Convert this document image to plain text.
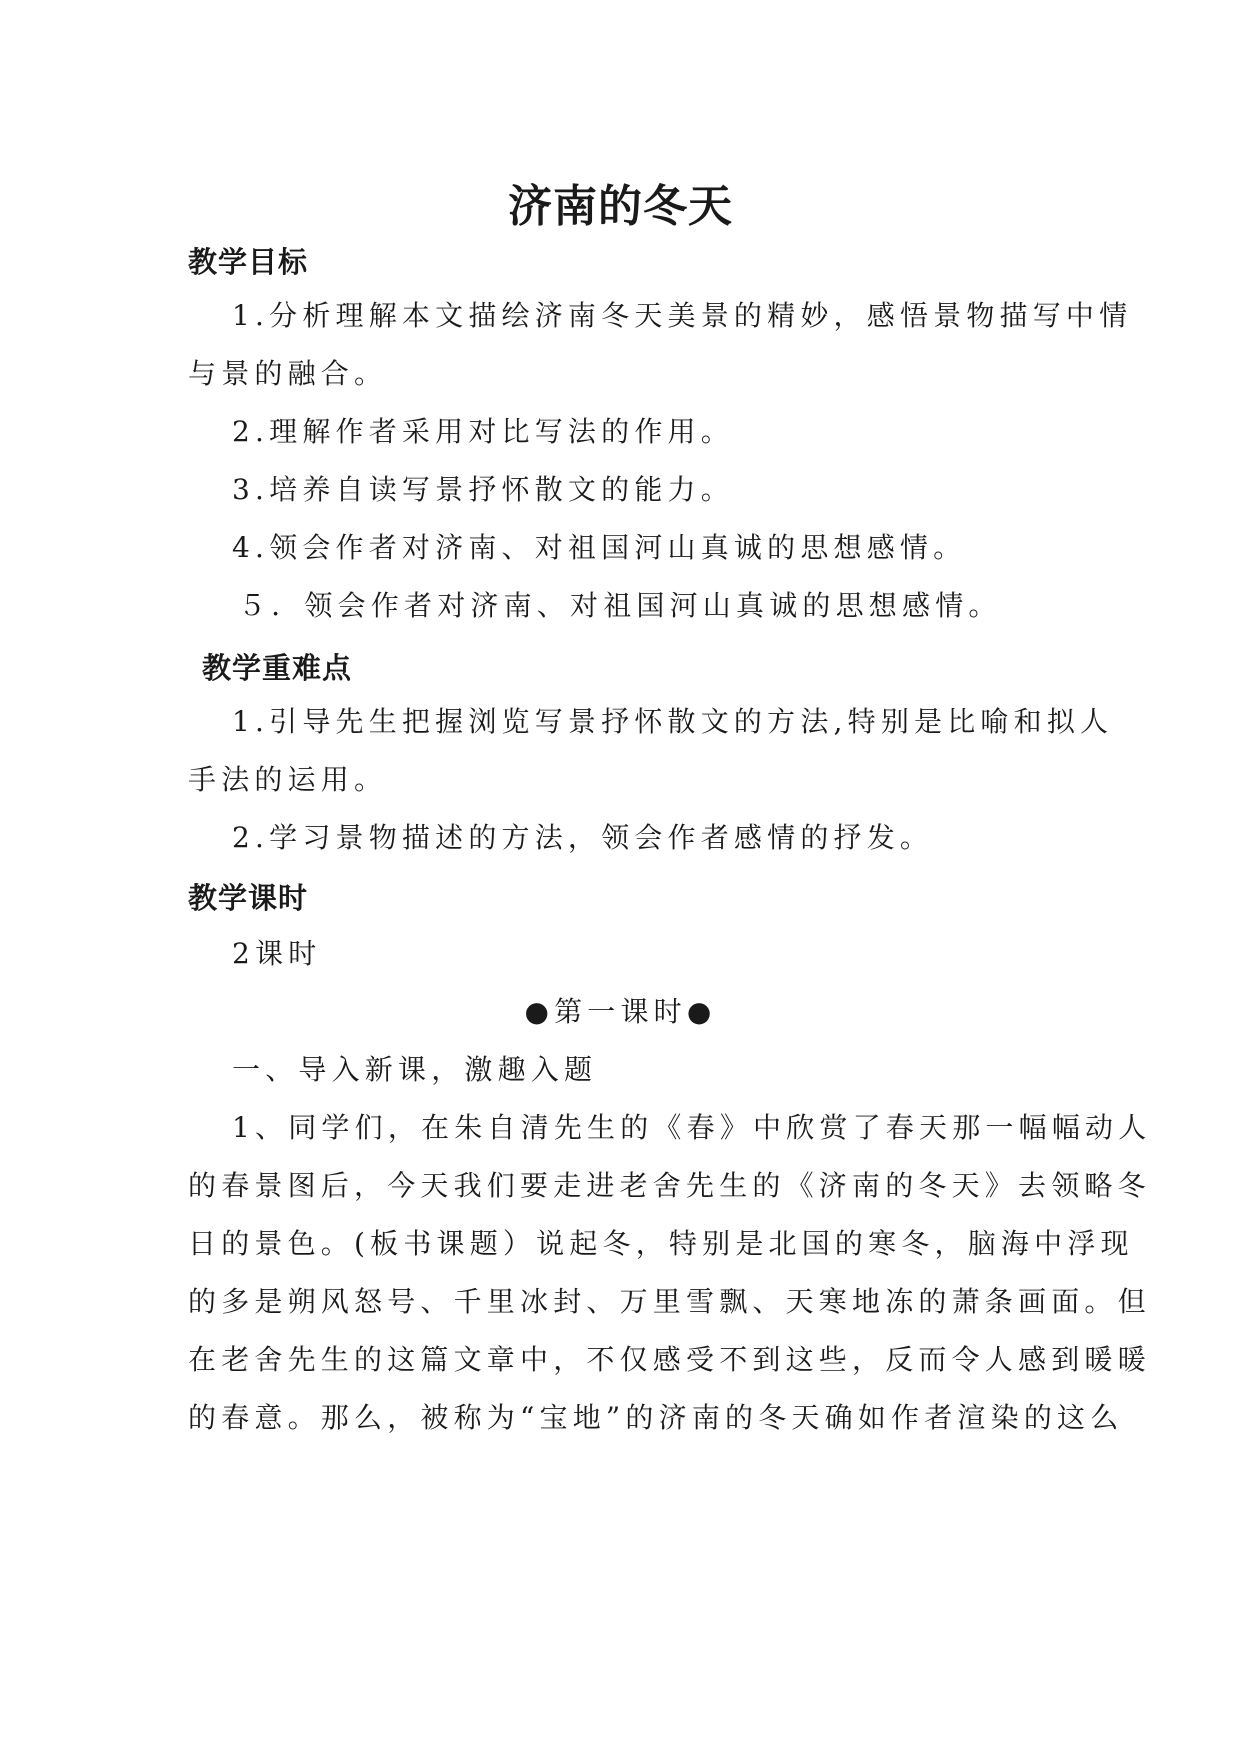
济南的冬天
教学目标
1.分析理解本文描绘济南冬天美景的精妙，感悟景物描写中情
与景的融合。
2.理解作者采用对比写法的作用。
3.培养自读写景抒怀散文的能力。
4.领会作者对济南、对祖国河山真诚的思想感情。
５．领会作者对济南、对祖国河山真诚的思想感情。
教学重难点
1.引导先生把握浏览写景抒怀散文的方法,特别是比喻和拟人
手法的运用。
2.学习景物描述的方法，领会作者感情的抒发。
教学课时
2课时
●第一课时●
一、导入新课，激趣入题
1、同学们，在朱自清先生的《春》中欣赏了春天那一幅幅动人
的春景图后，今天我们要走进老舍先生的《济南的冬天》去领略冬
日的景色。(板书课题）说起冬，特别是北国的寒冬，脑海中浮现
的多是朔风怒号、千里冰封、万里雪飘、天寒地冻的萧条画面。但
在老舍先生的这篇文章中，不仅感受不到这些，反而令人感到暖暖
的春意。那么，被称为“宝地”的济南的冬天确如作者渲染的这么
